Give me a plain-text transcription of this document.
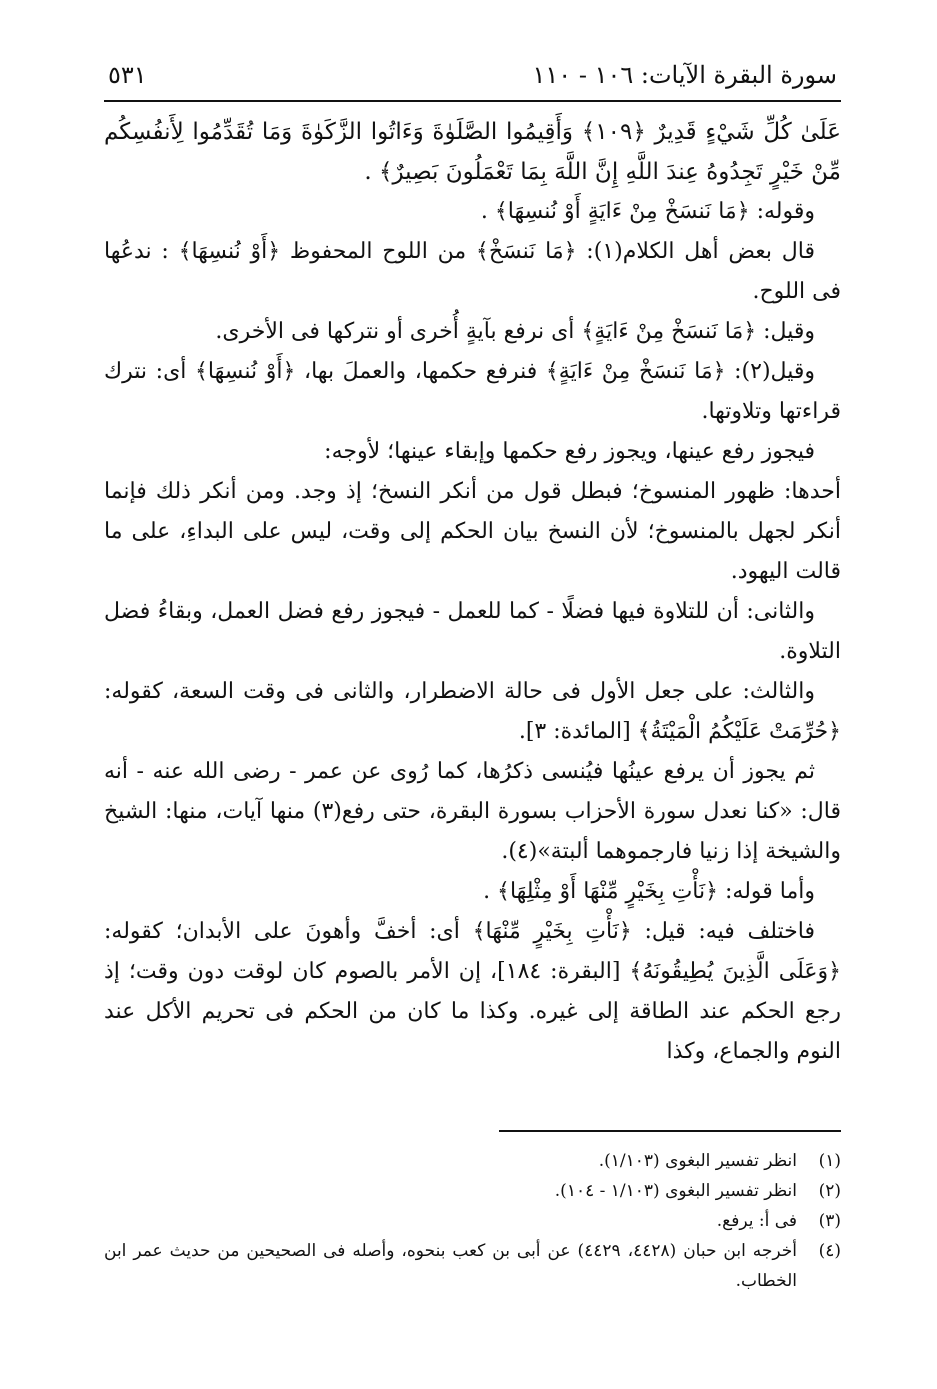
سورة البقرة الآيات: ١٠٦ - ١١٠
٥٣١

عَلَىٰ كُلِّ شَيْءٍ قَدِيرٌ ﴿١٠٩﴾ وَأَقِيمُوا الصَّلَوٰةَ وَءَاتُوا الزَّكَوٰةَ وَمَا تُقَدِّمُوا لِأَنفُسِكُم مِّنْ خَيْرٍ تَجِدُوهُ عِندَ اللَّهِ إِنَّ اللَّهَ بِمَا تَعْمَلُونَ بَصِيرٌ﴾ .

وقوله: ﴿مَا نَنسَخْ مِنْ ءَايَةٍ أَوْ نُنسِهَا﴾ .

قال بعض أهل الكلام(١): ﴿مَا نَنسَخْ﴾ من اللوح المحفوظ ﴿أَوْ نُنسِهَا﴾ : ندعُها فى اللوح.

وقيل: ﴿مَا نَنسَخْ مِنْ ءَايَةٍ﴾ أى نرفع بآيةٍ أُخرى أو نتركها فى الأخرى.

وقيل(٢): ﴿مَا نَنسَخْ مِنْ ءَايَةٍ﴾ فنرفع حكمها، والعملَ بها، ﴿أَوْ نُنسِهَا﴾ أى: نترك قراءتها وتلاوتها.

فيجوز رفع عينها، ويجوز رفع حكمها وإبقاء عينها؛ لأوجه:

أحدها: ظهور المنسوخ؛ فبطل قول من أنكر النسخ؛ إذ وجد. ومن أنكر ذلك فإنما أنكر لجهل بالمنسوخ؛ لأن النسخ بيان الحكم إلى وقت، ليس على البداءِ، على ما قالت اليهود.

والثانى: أن للتلاوة فيها فضلًا - كما للعمل - فيجوز رفع فضل العمل، وبقاءُ فضل التلاوة.

والثالث: على جعل الأول فى حالة الاضطرار، والثانى فى وقت السعة، كقوله: ﴿حُرِّمَتْ عَلَيْكُمُ الْمَيْتَةُ﴾ [المائدة: ٣].

ثم يجوز أن يرفع عينُها فيُنسى ذكرُها، كما رُوى عن عمر - رضى الله عنه - أنه قال: «كنا نعدل سورة الأحزاب بسورة البقرة، حتى رفع(٣) منها آيات، منها: الشيخ والشيخة إذا زنيا فارجموهما ألبتة»(٤).

وأما قوله: ﴿نَأْتِ بِخَيْرٍ مِّنْهَا أَوْ مِثْلِهَا﴾ .

فاختلف فيه: قيل: ﴿نَأْتِ بِخَيْرٍ مِّنْهَا﴾ أى: أخفَّ وأهونَ على الأبدان؛ كقوله: ﴿وَعَلَى الَّذِينَ يُطِيقُونَهُ﴾ [البقرة: ١٨٤]، إن الأمر بالصوم كان لوقت دون وقت؛ إذ رجع الحكم عند الطاقة إلى غيره. وكذا ما كان من الحكم فى تحريم الأكل عند النوم والجماع، وكذا

(١)انظر تفسير البغوى (١/١٠٣).

(٢)انظر تفسير البغوى (١/١٠٣ - ١٠٤).

(٣)فى أ: يرفع.

(٤)أخرجه ابن حبان (٤٤٢٨، ٤٤٢٩) عن أبى بن كعب بنحوه، وأصله فى الصحيحين من حديث عمر ابن الخطاب.
